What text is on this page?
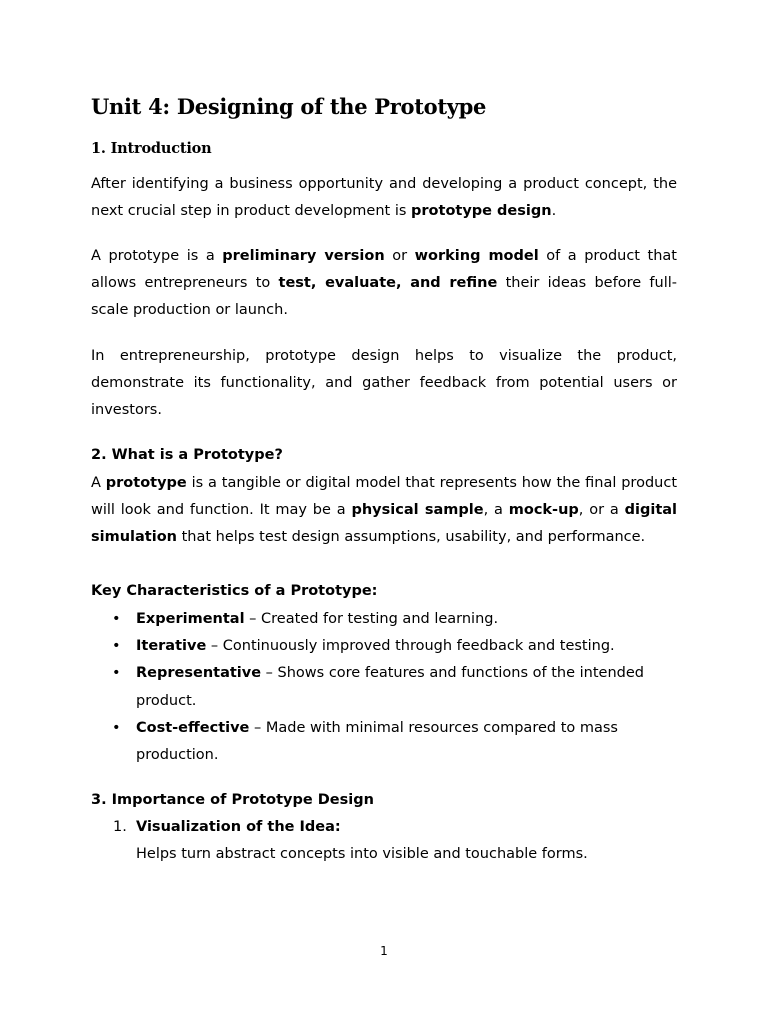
Unit 4: Designing of the Prototype
1. Introduction

After identifying a business opportunity and developing a product concept, the next crucial step in product development is prototype design.

A prototype is a preliminary version or working model of a product that allows entrepreneurs to test, evaluate, and refine their ideas before full-scale production or launch.

In entrepreneurship, prototype design helps to visualize the product, demonstrate its functionality, and gather feedback from potential users or investors.

2. What is a Prototype?

A prototype is a tangible or digital model that represents how the final product will look and function. It may be a physical sample, a mock-up, or a digital simulation that helps test design assumptions, usability, and performance.

Key Characteristics of a Prototype:
• Experimental – Created for testing and learning.
• Iterative – Continuously improved through feedback and testing.
• Representative – Shows core features and functions of the intended product.
• Cost-effective – Made with minimal resources compared to mass production.
3. Importance of Prototype Design
1. Visualization of the Idea:
Helps turn abstract concepts into visible and touchable forms.
1
